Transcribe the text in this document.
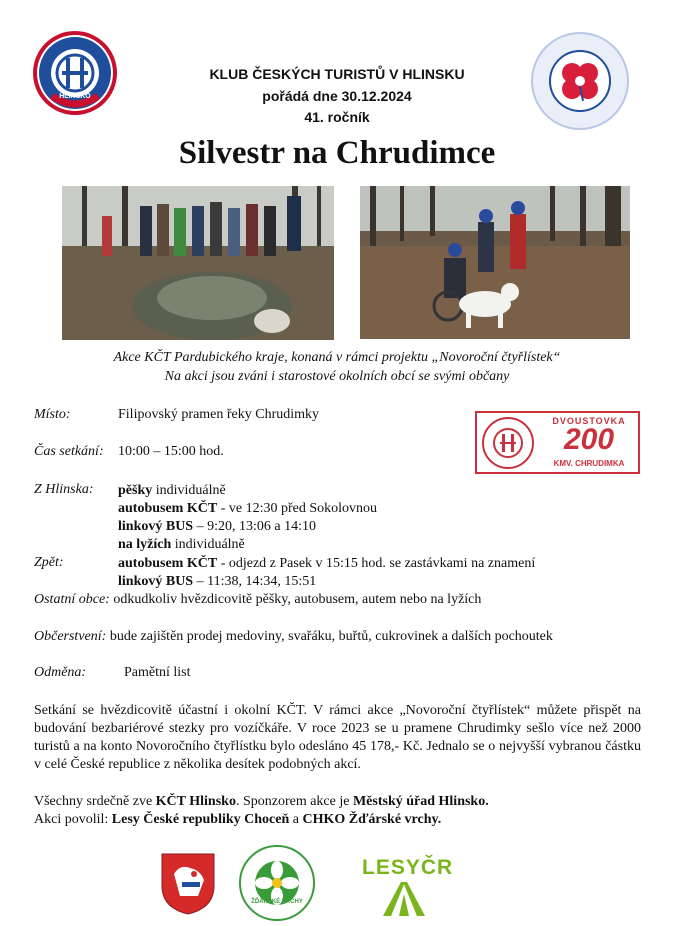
HLINSKO
KLUB ČESKÝCH TURISTŮ V HLINSKU
pořádá dne 30.12.2024
41. ročník
Silvestr na Chrudimce
Akce KČT Pardubického kraje, konaná v rámci projektu „Novoroční čtyřlístek“
Na akci jsou zváni i starostové okolních obcí se svými občany
DVOUSTOVKA
200
KMV. CHRUDIMKA
Místo:	Filipovský pramen řeky Chrudimky
Čas setkání: 10:00 – 15:00 hod.
Z Hlinska: pěšky individuálně
autobusem KČT - ve 12:30 před Sokolovnou
linkový BUS – 9:20, 13:06 a 14:10
na lyžích individuálně
Zpět:	autobusem KČT - odjezd z Pasek v 15:15 hod. se zastávkami na znamení
linkový BUS – 11:38, 14:34, 15:51
Ostatní obce: odkudkoliv hvězdicovitě pěšky, autobusem, autem nebo na lyžích
Občerstvení: bude zajištěn prodej medoviny, svařáku, buřtů, cukrovinek a dalších pochoutek
Odměna:	Pamětní list
Setkání se hvězdicovitě účastní i okolní KČT. V rámci akce „Novoroční čtyřlístek“ můžete přispět na budování bezbariérové stezky pro vozíčkáře. V roce 2023 se u pramene Chrudimky sešlo více než 2000 turistů a na konto Novoročního čtyřlístku bylo odesláno 45 178,- Kč. Jednalo se o nejvyšší vybranou částku v celé České republice z několika desítek podobných akcí.
Všechny srdečně zve KČT Hlinsko. Sponzorem akce je Městský úřad Hlinsko.
Akci povolil: Lesy České republiky Choceň a CHKO Žďárské vrchy.
ŽĎÁRSKÉ VRCHY
LESYČR
